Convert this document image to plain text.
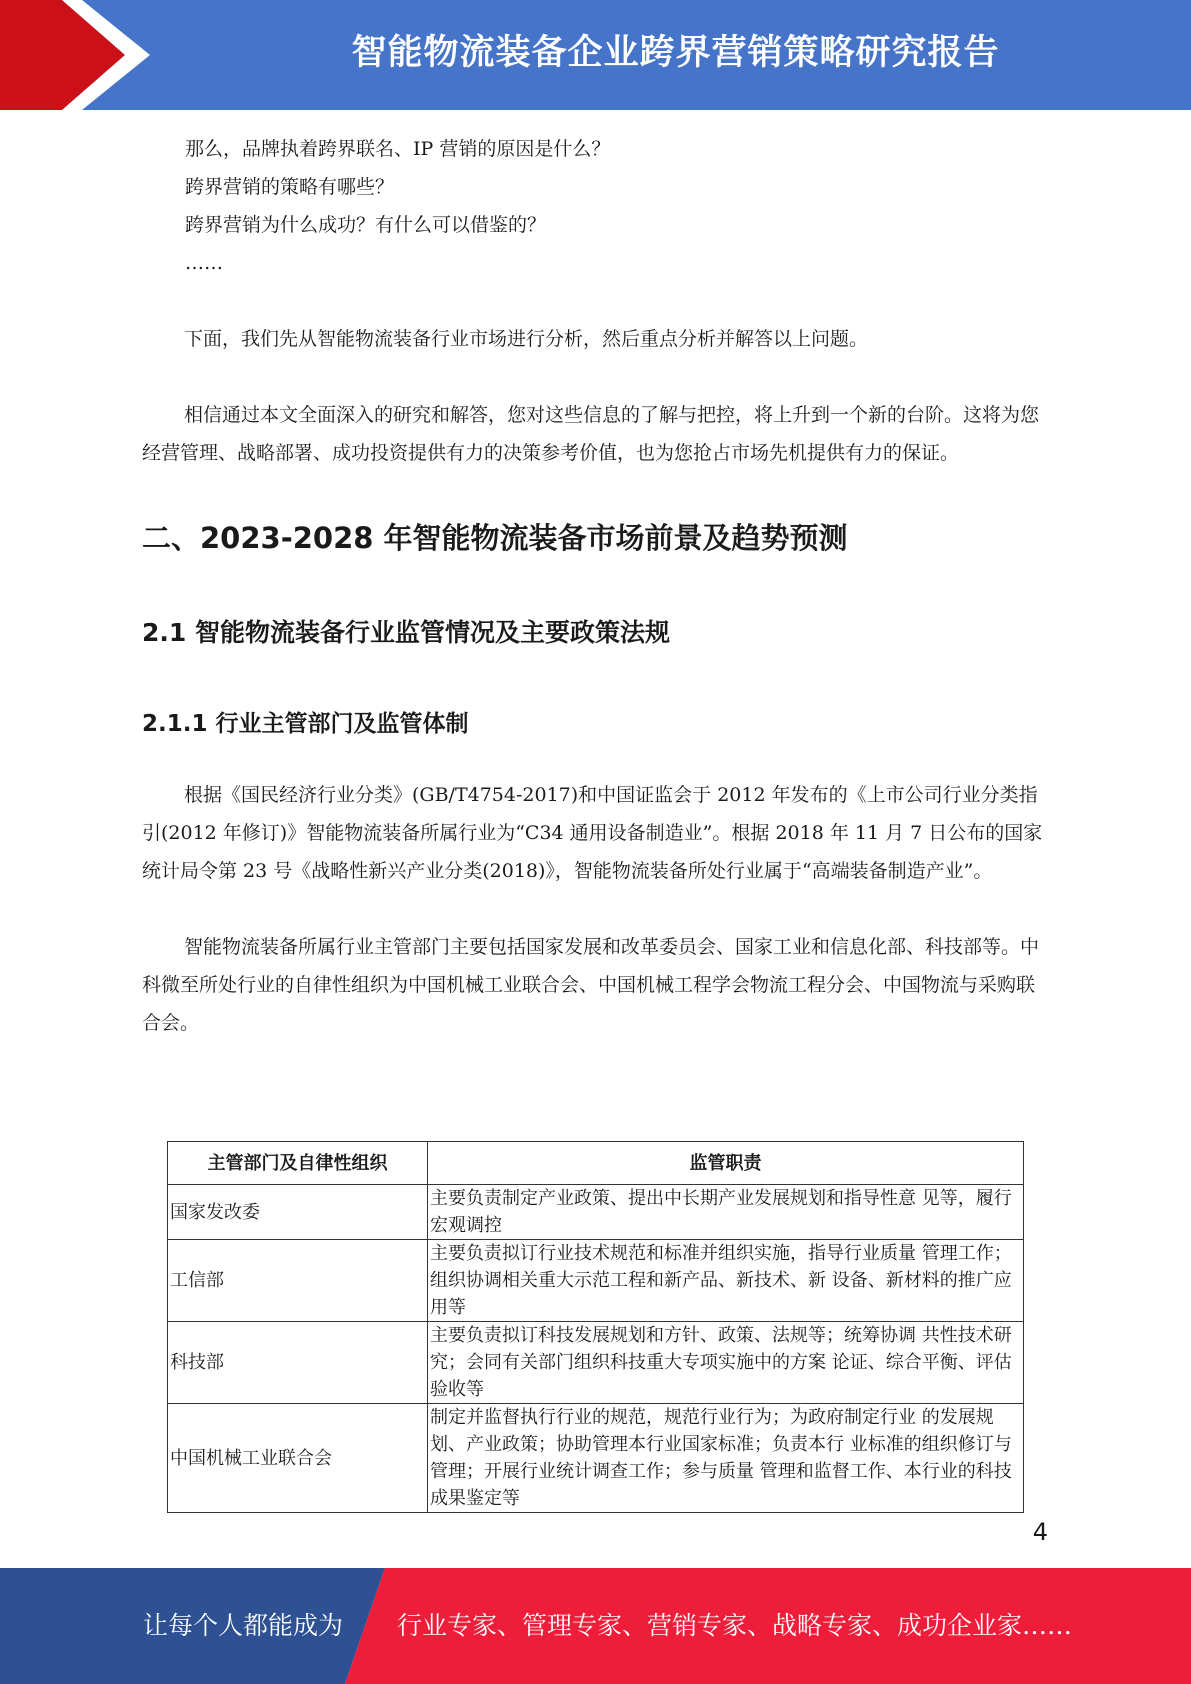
智能物流装备企业跨界营销策略研究报告
那么，品牌执着跨界联名、IP 营销的原因是什么？
跨界营销的策略有哪些？
跨界营销为什么成功？有什么可以借鉴的？
……

下面，我们先从智能物流装备行业市场进行分析，然后重点分析并解答以上问题。

相信通过本文全面深入的研究和解答，您对这些信息的了解与把控，将上升到一个新的台阶。这将为您经营管理、战略部署、成功投资提供有力的决策参考价值，也为您抢占市场先机提供有力的保证。

二、2023-2028 年智能物流装备市场前景及趋势预测
2.1 智能物流装备行业监管情况及主要政策法规
2.1.1 行业主管部门及监管体制

根据《国民经济行业分类》(GB/T4754-2017)和中国证监会于 2012 年发布的《上市公司行业分类指引(2012 年修订)》智能物流装备所属行业为“C34 通用设备制造业”。根据 2018 年 11 月 7 日公布的国家统计局令第 23 号《战略性新兴产业分类(2018)》，智能物流装备所处行业属于“高端装备制造产业”。

智能物流装备所属行业主管部门主要包括国家发展和改革委员会、国家工业和信息化部、科技部等。中科微至所处行业的自律性组织为中国机械工业联合会、中国机械工程学会物流工程分会、中国物流与采购联合会。

主管部门及自律性组织	监管职责
国家发改委	主要负责制定产业政策、提出中长期产业发展规划和指导性意 见等，履行宏观调控
工信部	主要负责拟订行业技术规范和标准并组织实施，指导行业质量 管理工作；组织协调相关重大示范工程和新产品、新技术、新 设备、新材料的推广应用等
科技部	主要负责拟订科技发展规划和方针、政策、法规等；统筹协调 共性技术研究；会同有关部门组织科技重大专项实施中的方案 论证、综合平衡、评估验收等
中国机械工业联合会	制定并监督执行行业的规范，规范行业行为；为政府制定行业 的发展规划、产业政策；协助管理本行业国家标准；负责本行 业标准的组织修订与管理；开展行业统计调查工作；参与质量 管理和监督工作、本行业的科技成果鉴定等
4
让每个人都能成为 行业专家、管理专家、营销专家、战略专家、成功企业家……
